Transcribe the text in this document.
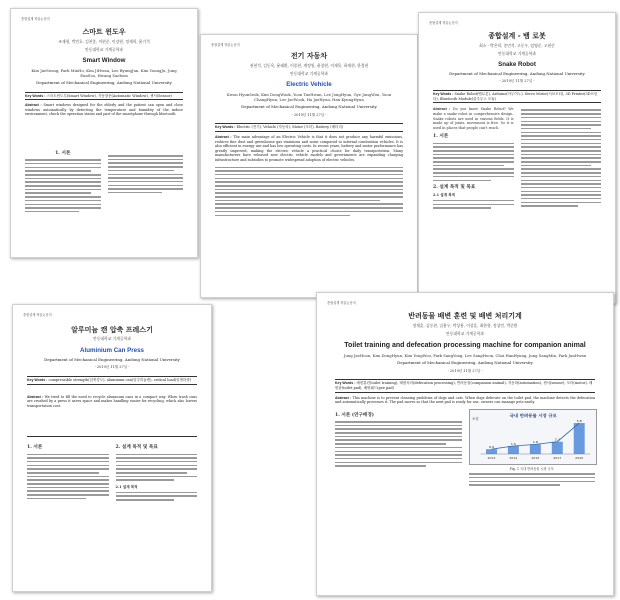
종합설계 학술논문지
스마트 윈도우
조재형, 박민호, 김찬종, 이현준, 이강현, 정재희, 윤기석
안동대학교 기계공학과
Smart Window
Kim JaeSeong, Park MinHo, Kim JiHwan, Lee ByungJun, Kim YoungJu, Jung EunSoo, Hwang Saebom
Department of Mechanical Engineering, Andong National University
Key Words : 스마트윈도우(Smart Window), 자동창문(Automatic Window), 센서(Sensor)
Abstract : Smart windows designed for the elderly and the patient can open and close windows automatically by detecting the temperature and humidity of the indoor environment, check the operation status and part of the smartphone through bluetooth.
1. 서론
종합설계 학술논문지
전기 자동차
권현석, 김동욱, 윤태환, 이종현, 계정원, 윤창현, 이재욱, 하재현, 한경현
안동대학교 기계공학과
Electric Vehicle
Kwon HyunSeok, Kim DongWook, Yoon TaeHwan, Lee JongHyun, Gye JungWon, Yoon ChangHyun, Lee JaeWook, Ha JaeHyun, Han KyungHyun
Department of Mechanical Engineering, Andong National University
- 2019년 11월 27일 -
Key Words : Electric (전기), Vehicle (자동차), Motor (모터), Battery (배터리)
Abstract : The main advantage of an Electric Vehicle is that it does not produce any harmful emissions, reduces fine dust and greenhouse gas emissions and noise compared to internal combustion vehicles. It is also efficient in energy use and has low operating costs. In recent years, battery and motor performance has greatly improved, making the electric vehicle a practical choice for daily transportation. Many manufacturers have released new electric vehicle models and governments are expanding charging infrastructure and subsidies to promote widespread adoption of electric vehicles.
종합설계 학술논문지
종합설계 - 뱀 로봇
최소 - 박은희, 송민석, 고동우, 임영준, 오현준
안동대학교 기계공학과
Snake Robot
Department of Mechanical Engineering, Andong National University
- 2019년 11월 27일 -
Key Words : Snake Robot(뱀로봇), Arduino(아두이노), Servo Motor(서보모터), 3D Printer(3D프린터), Bluetooth Module(블루투스 모듈)
Abstract : Do you know Snake Robot? We make a snake robot in comprehensive design. Snake robots are used in various fields. It is made up of joints, movement is free. So it is used in places that people can't reach.
1. 서론
2. 설계 목적 및 목표
2.1 설계 목적
종합설계 학술논문지
알루미늄 캔 압축 프레스기
안동대학교 기계공학과
Aluminium Can Press
Department of Mechanical Engineering, Andong National University
- 2019년 11월 27일 -
Key Words : compressible strength(압축강도), aluminum can(알루미늄캔), critical load(임계하중)
Abstract : We tried to fill the need to recycle aluminum cans in a compact way. When trash cans are crushed by a press it saves space and makes handling easier for recycling, which also lowers transportation cost.
1. 서론	2. 설계 목적 및 목표
2.1 설계 목적
종합설계 학술논문지
반려동물 배변 훈련 및 배변 처리기계
정재훈, 김동현, 김용우, 박상용, 이상훈, 최한형, 정상민, 박준환
안동대학교 기계공학과
Toilet training and defecation processing machine for companion animal
Jung JaeHoon, Kim DongHyun, Kim YongWoo, Park SangYong, Lee SangHoon, Choi HanHyung, Jung SangMin, Park JunHwan
Department of Mechanical Engineering, Andong National University
- 2019년 11월 27일 -
Key Words : 배변훈련(toilet training), 배변처리(defecation processing), 반려동물(companion animal), 자동화(automation), 센서(sensor), 모터(motor), 배변판(toilet pad), 배변패드(pee pad)
Abstract : This machine is to prevent cleaning problems of dogs and cats. When dogs defecate on the toilet pad, the machine detects the defecation and automatically processes it. The pad moves so that the next pad is ready for use, owners can manage pets easily.
1. 서론 (연구배경)	국내 반려동물 시장 규모
조원
0.9
2012
1.5
2014
1.8
2015
2.3
2017
5.8
2020
Fig. 1 국내 반려동물 시장 규모
